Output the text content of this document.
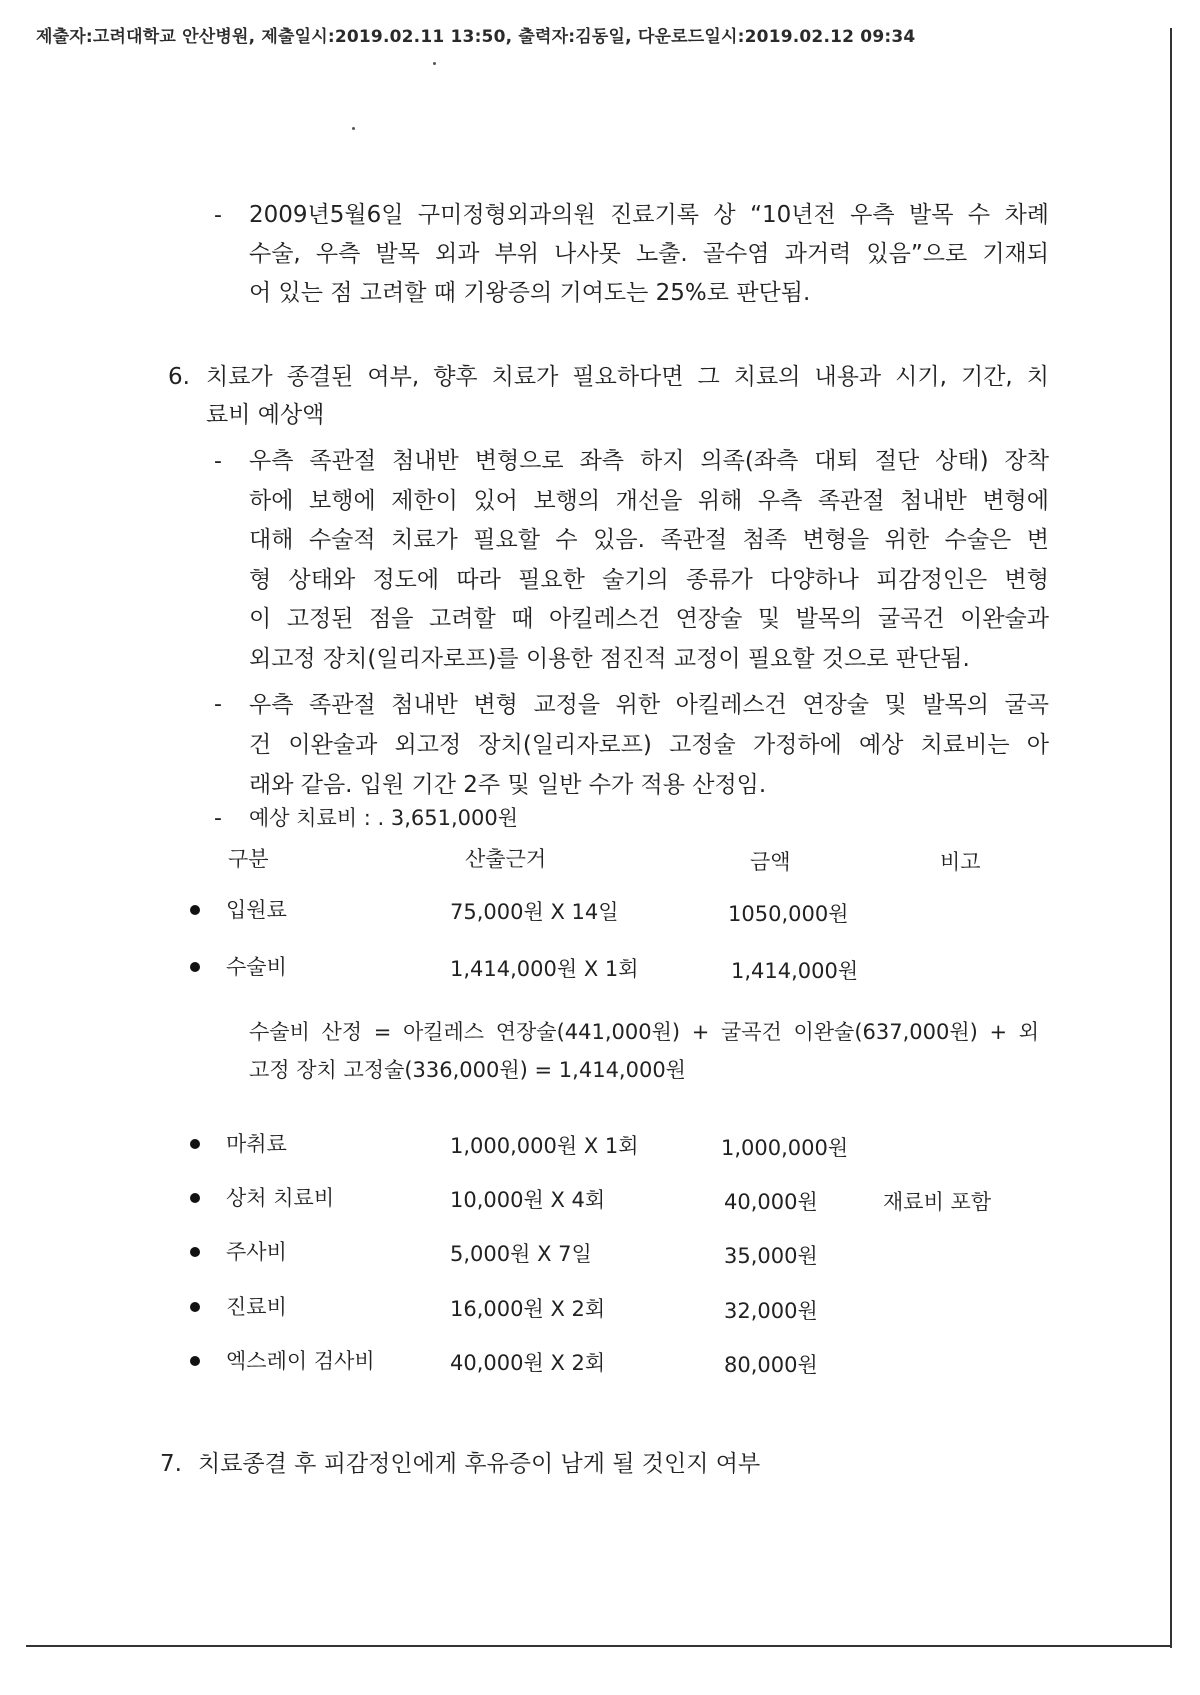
제출자:고려대학교 안산병원, 제출일시:2019.02.11 13:50, 출력자:김동일, 다운로드일시:2019.02.12 09:34
- 2009년5월6일 구미정형외과의원 진료기록 상 “10년전 우측 발목 수 차례
수술, 우측 발목 외과 부위 나사못 노출. 골수염 과거력 있음”으로 기재되
어 있는 점 고려할 때 기왕증의 기여도는 25%로 판단됨.
6. 치료가 종결된 여부, 향후 치료가 필요하다면 그 치료의 내용과 시기, 기간, 치
료비 예상액
- 우측 족관절 첨내반 변형으로 좌측 하지 의족(좌측 대퇴 절단 상태) 장착
하에 보행에 제한이 있어 보행의 개선을 위해 우측 족관절 첨내반 변형에
대해 수술적 치료가 필요할 수 있음. 족관절 첨족 변형을 위한 수술은 변
형 상태와 정도에 따라 필요한 술기의 종류가 다양하나 피감정인은 변형
이 고정된 점을 고려할 때 아킬레스건 연장술 및 발목의 굴곡건 이완술과
외고정 장치(일리자로프)를 이용한 점진적 교정이 필요할 것으로 판단됨.
- 우측 족관절 첨내반 변형 교정을 위한 아킬레스건 연장술 및 발목의 굴곡
건 이완술과 외고정 장치(일리자로프) 고정술 가정하에 예상 치료비는 아
래와 같음. 입원 기간 2주 및 일반 수가 적용 산정임.
- 예상 치료비 : . 3,651,000원
구분	산출근거	금액	비고
입원료	75,000원 X 14일	1050,000원
수술비	1,414,000원 X 1회	1,414,000원
수술비 산정 = 아킬레스 연장술(441,000원) + 굴곡건 이완술(637,000원) + 외
고정 장치 고정술(336,000원) = 1,414,000원
마취료	1,000,000원 X 1회	1,000,000원
상처 치료비	10,000원 X 4회	40,000원	재료비 포함
주사비	5,000원 X 7일	35,000원
진료비	16,000원 X 2회	32,000원
엑스레이 검사비	40,000원 X 2회	80,000원
7. 치료종결 후 피감정인에게 후유증이 남게 될 것인지 여부
